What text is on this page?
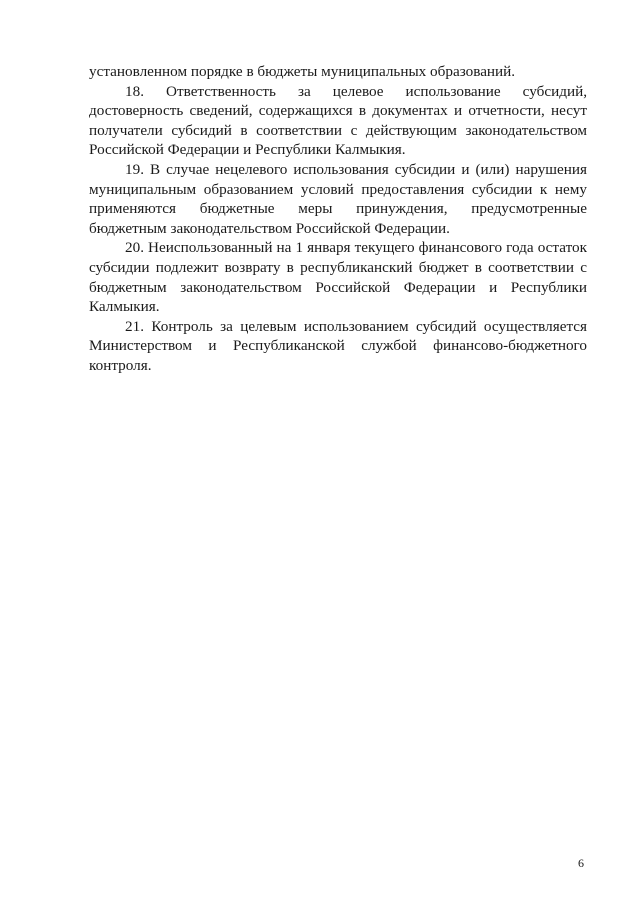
установленном порядке в бюджеты муниципальных образований.

18. Ответственность за целевое использование субсидий, достоверность сведений, содержащихся в документах и отчетности, несут получатели субсидий в соответствии с действующим законодательством Российской Федерации и Республики Калмыкия.

19. В случае нецелевого использования субсидии и (или) нарушения муниципальным образованием условий предоставления субсидии к нему применяются бюджетные меры принуждения, предусмотренные бюджетным законодательством Российской Федерации.

20. Неиспользованный на 1 января текущего финансового года остаток субсидии подлежит возврату в республиканский бюджет в соответствии с бюджетным законодательством Российской Федерации и Республики Калмыкия.

21. Контроль за целевым использованием субсидий осуществляется Министерством и Республиканской службой финансово-бюджетного контроля.

6
